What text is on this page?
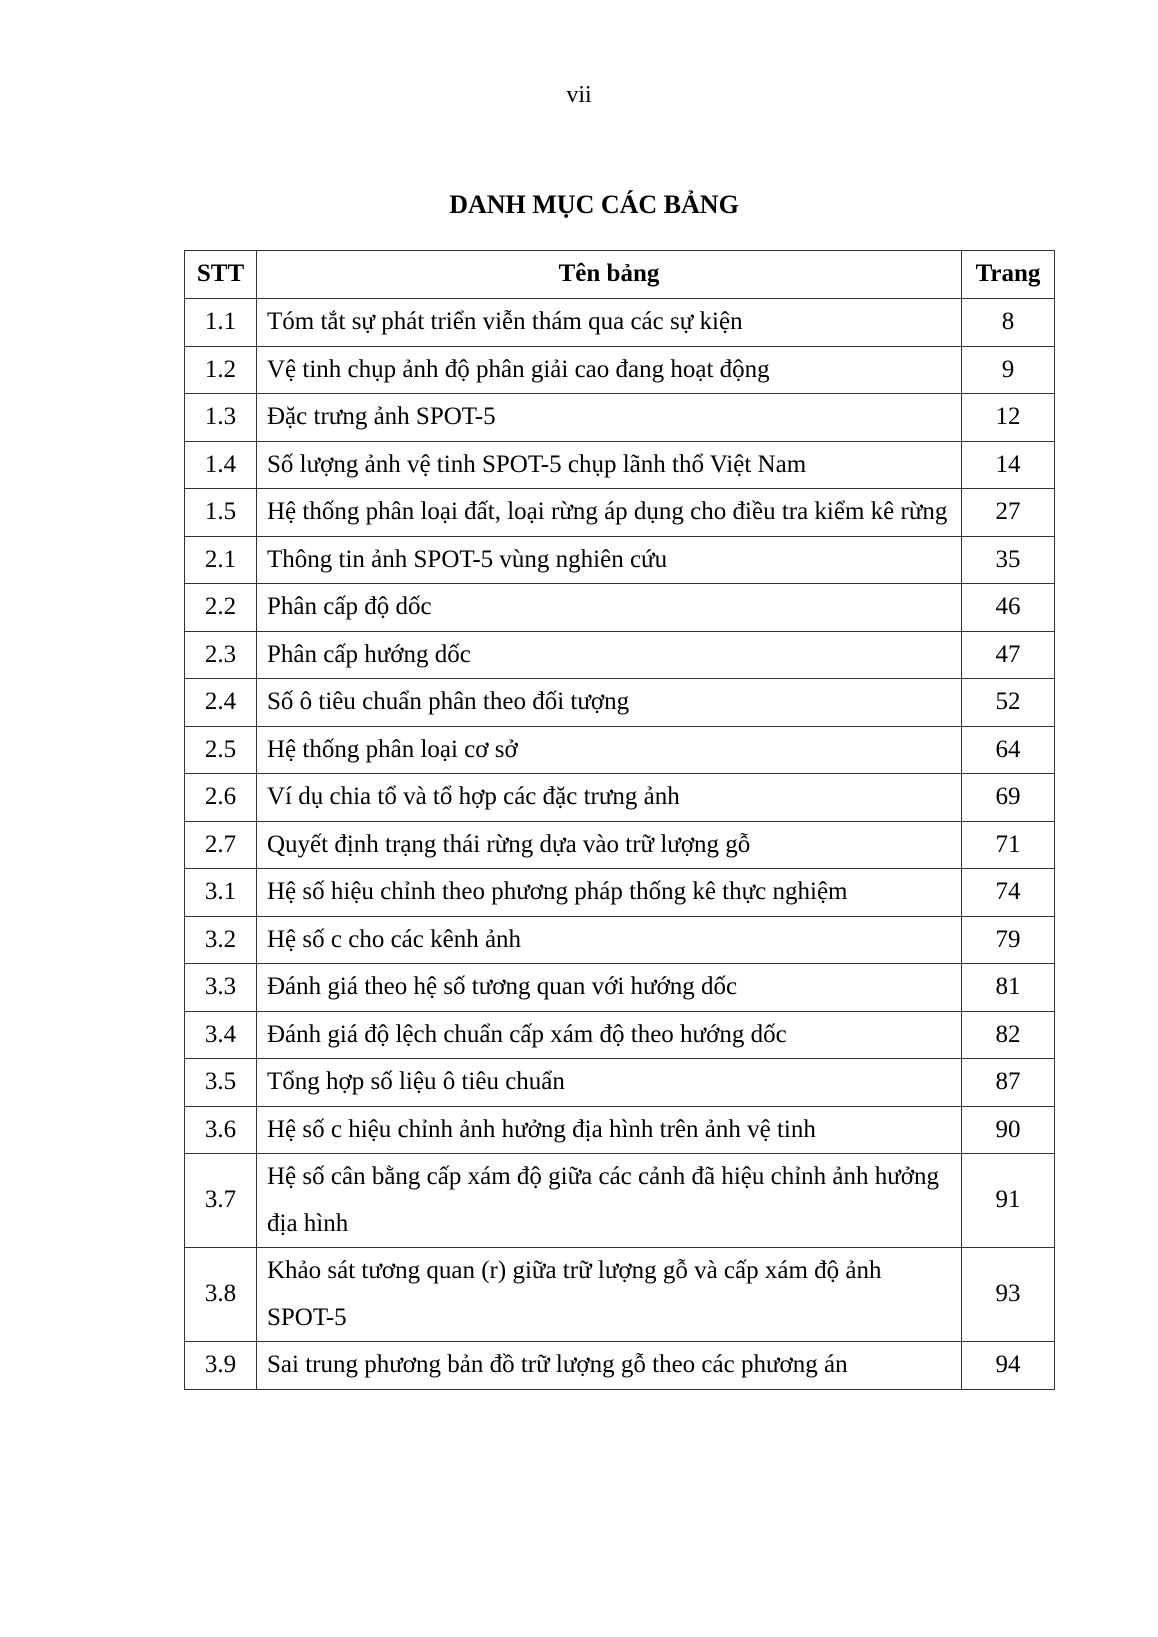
vii
DANH MỤC CÁC BẢNG
STT	Tên bảng	Trang
1.1	Tóm tắt sự phát triển viễn thám qua các sự kiện	8
1.2	Vệ tinh chụp ảnh độ phân giải cao đang hoạt động	9
1.3	Đặc trưng ảnh SPOT-5	12
1.4	Số lượng ảnh vệ tinh SPOT-5 chụp lãnh thổ Việt Nam	14
1.5	Hệ thống phân loại đất, loại rừng áp dụng cho điều tra kiểm kê rừng	27
2.1	Thông tin ảnh SPOT-5 vùng nghiên cứu	35
2.2	Phân cấp độ dốc	46
2.3	Phân cấp hướng dốc	47
2.4	Số ô tiêu chuẩn phân theo đối tượng	52
2.5	Hệ thống phân loại cơ sở	64
2.6	Ví dụ chia tổ và tổ hợp các đặc trưng ảnh	69
2.7	Quyết định trạng thái rừng dựa vào trữ lượng gỗ	71
3.1	Hệ số hiệu chỉnh theo phương pháp thống kê thực nghiệm	74
3.2	Hệ số c cho các kênh ảnh	79
3.3	Đánh giá theo hệ số tương quan với hướng dốc	81
3.4	Đánh giá độ lệch chuẩn cấp xám độ theo hướng dốc	82
3.5	Tổng hợp số liệu ô tiêu chuẩn	87
3.6	Hệ số c hiệu chỉnh ảnh hưởng địa hình trên ảnh vệ tinh	90
3.7	Hệ số cân bằng cấp xám độ giữa các cảnh đã hiệu chỉnh ảnh hưởng địa hình	91
3.8	Khảo sát tương quan (r) giữa trữ lượng gỗ và cấp xám độ ảnh SPOT-5	93
3.9	Sai trung phương bản đồ trữ lượng gỗ theo các phương án	94
